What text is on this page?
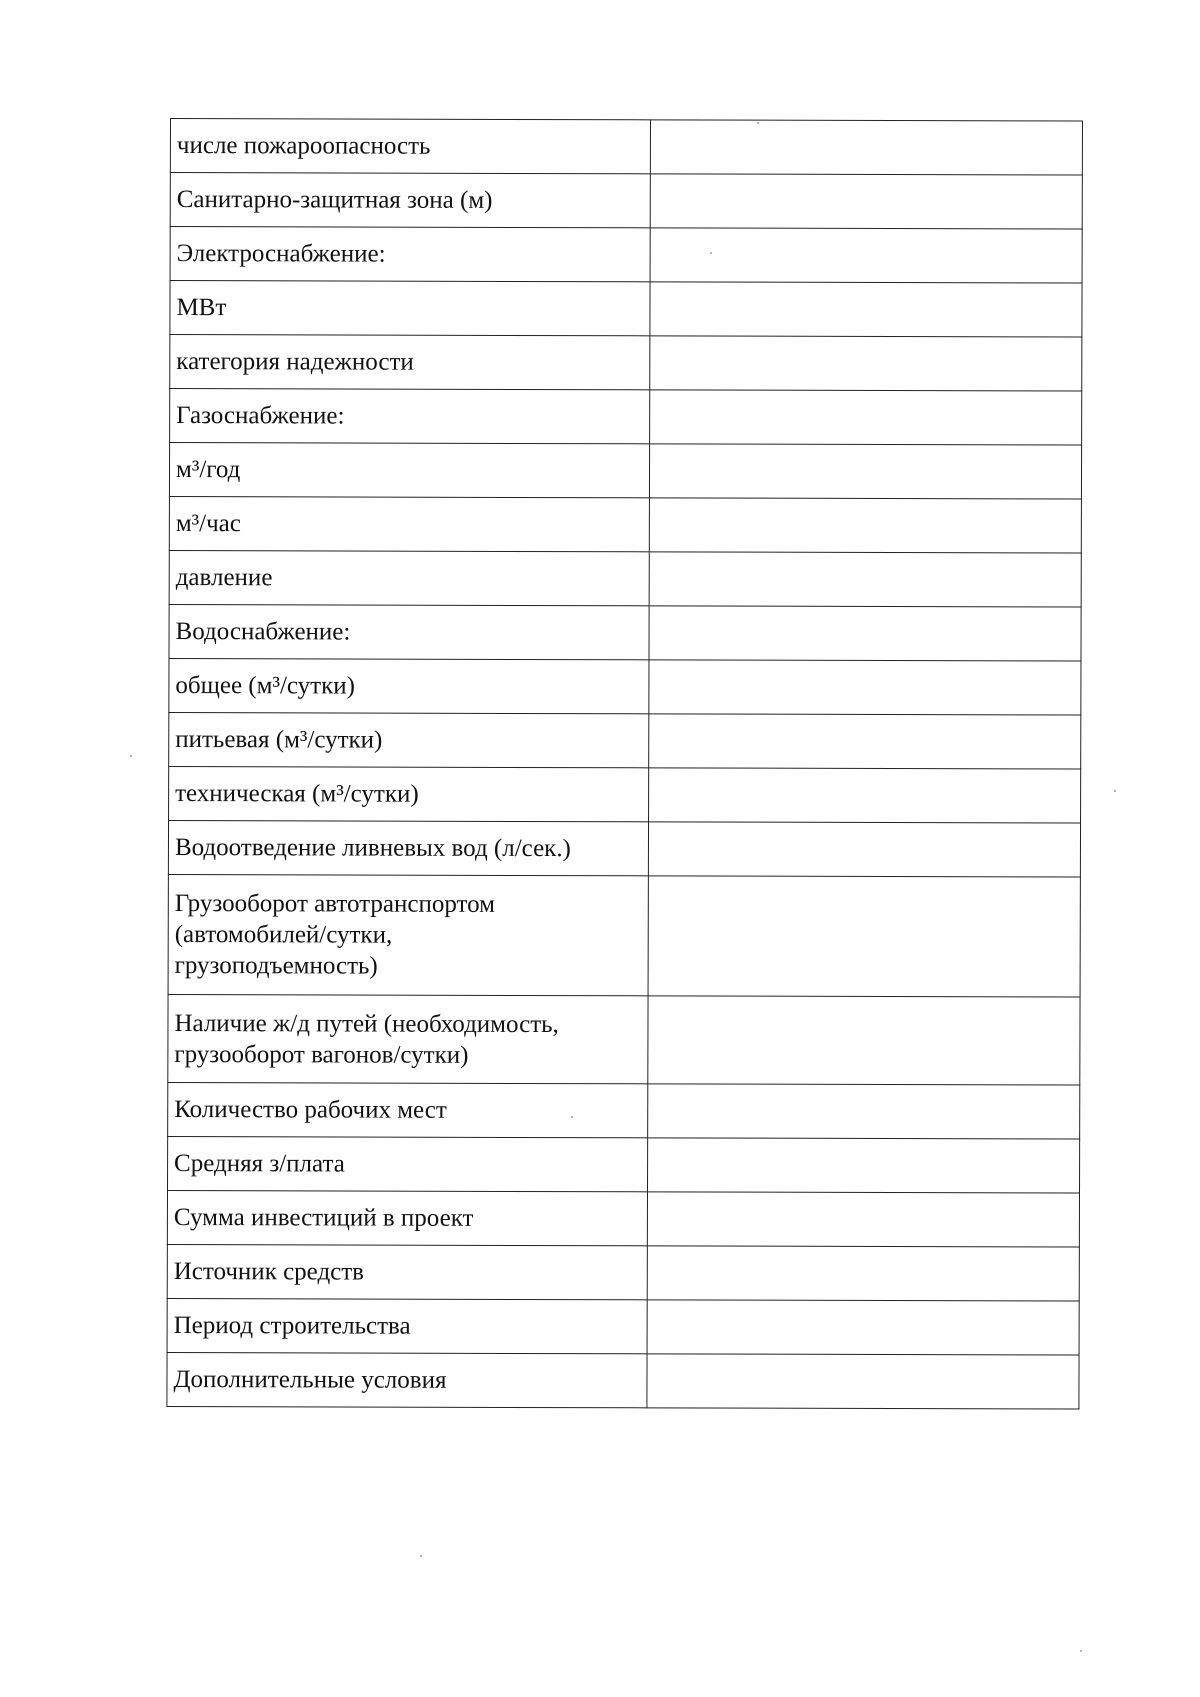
числе пожароопасность	
Санитарно-защитная зона (м)	
Электроснабжение:	
МВт	
категория надежности	
Газоснабжение:	
м³/год	
м³/час	
давление	
Водоснабжение:	
общее (м³/сутки)	
питьевая (м³/сутки)	
техническая (м³/сутки)	
Водоотведение ливневых вод (л/сек.)	
Грузооборот автотранспортом
(автомобилей/сутки,
грузоподъемность)	
Наличие ж/д путей (необходимость,
грузооборот вагонов/сутки)	
Количество рабочих мест	
Средняя з/плата	
Сумма инвестиций в проект	
Источник средств	
Период строительства	
Дополнительные условия	
